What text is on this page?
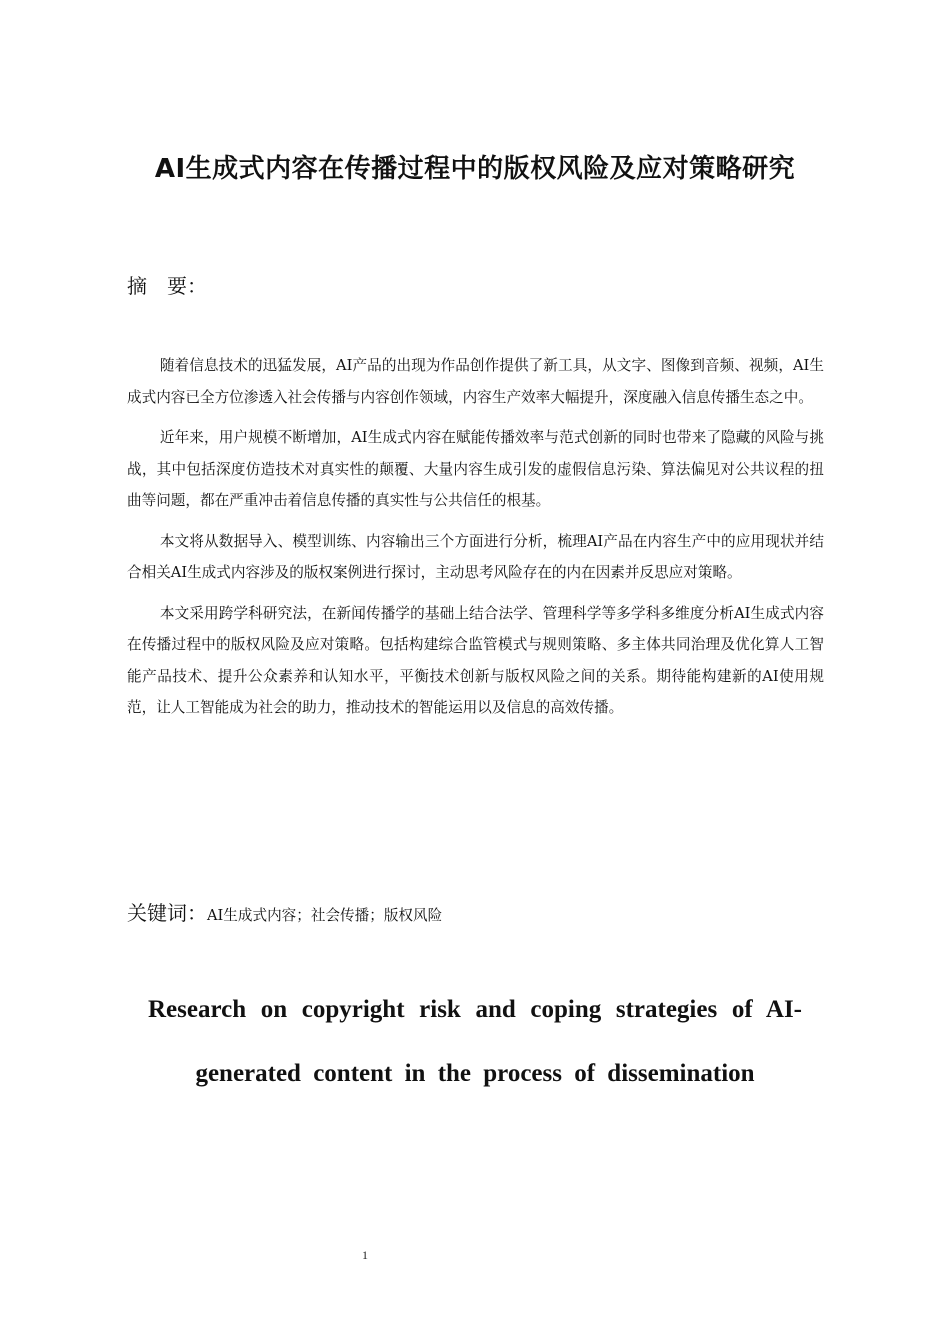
AI生成式内容在传播过程中的版权风险及应对策略研究
摘　要：

随着信息技术的迅猛发展，AI产品的出现为作品创作提供了新工具，从文字、图像到音频、视频，AI生成式内容已全方位渗透入社会传播与内容创作领域，内容生产效率大幅提升，深度融入信息传播生态之中。

近年来，用户规模不断增加，AI生成式内容在赋能传播效率与范式创新的同时也带来了隐藏的风险与挑战，其中包括深度仿造技术对真实性的颠覆、大量内容生成引发的虚假信息污染、算法偏见对公共议程的扭曲等问题，都在严重冲击着信息传播的真实性与公共信任的根基。

本文将从数据导入、模型训练、内容输出三个方面进行分析，梳理AI产品在内容生产中的应用现状并结合相关AI生成式内容涉及的版权案例进行探讨，主动思考风险存在的内在因素并反思应对策略。

本文采用跨学科研究法，在新闻传播学的基础上结合法学、管理科学等多学科多维度分析AI生成式内容在传播过程中的版权风险及应对策略。包括构建综合监管模式与规则策略、多主体共同治理及优化算人工智能产品技术、提升公众素养和认知水平，平衡技术创新与版权风险之间的关系。期待能构建新的AI使用规范，让人工智能成为社会的助力，推动技术的智能运用以及信息的高效传播。

关键词：AI生成式内容；社会传播；版权风险
Research on copyright risk and coping strategies of AI-generated content in the process of dissemination
1
